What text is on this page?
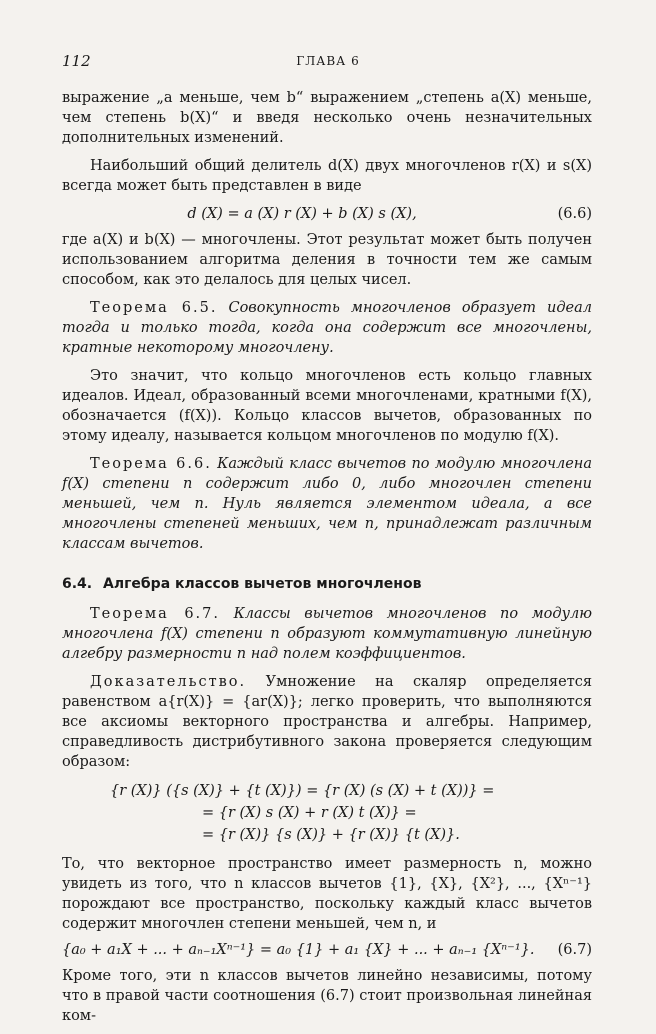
112	ГЛАВА 6

выражение „a меньше, чем b“ выражением „степень a(X) меньше, чем степень b(X)“ и введя несколько очень незначительных дополнительных изменений.

Наибольший общий делитель d(X) двух многочленов r(X) и s(X) всегда может быть представлен в виде

d (X) = a (X) r (X) + b (X) s (X),	(6.6)

где a(X) и b(X) — многочлены. Этот результат может быть получен использованием алгоритма деления в точности тем же самым способом, как это делалось для целых чисел.

Теорема 6.5. Совокупность многочленов образует идеал тогда и только тогда, когда она содержит все многочлены, кратные некоторому многочлену.

Это значит, что кольцо многочленов есть кольцо главных идеалов. Идеал, образованный всеми многочленами, кратными f(X), обозначается (f(X)). Кольцо классов вычетов, образованных по этому идеалу, называется кольцом многочленов по модулю f(X).

Теорема 6.6. Каждый класс вычетов по модулю многочлена f(X) степени n содержит либо 0, либо многочлен степени меньшей, чем n. Нуль является элементом идеала, а все многочлены степеней меньших, чем n, принадлежат различным классам вычетов.

6.4. Алгебра классов вычетов многочленов

Теорема 6.7. Классы вычетов многочленов по модулю многочлена f(X) степени n образуют коммутативную линейную алгебру размерности n над полем коэффициентов.

Доказательство. Умножение на скаляр определяется равенством a{r(X)} = {ar(X)}; легко проверить, что выполняются все аксиомы векторного пространства и алгебры. Например, справедливость дистрибутивного закона проверяется следующим образом:

{r (X)} ({s (X)} + {t (X)}) = {r (X) (s (X) + t (X))} =
= {r (X) s (X) + r (X) t (X)} =
= {r (X)} {s (X)} + {r (X)} {t (X)}.

То, что векторное пространство имеет размерность n, можно увидеть из того, что n классов вычетов {1}, {X}, {X²}, ..., {Xⁿ⁻¹} порождают все пространство, поскольку каждый класс вычетов содержит многочлен степени меньшей, чем n, и

{a₀ + a₁X + ... + aₙ₋₁Xⁿ⁻¹} = a₀ {1} + a₁ {X} + ... + aₙ₋₁ {Xⁿ⁻¹}.	(6.7)

Кроме того, эти n классов вычетов линейно независимы, потому что в правой части соотношения (6.7) стоит произвольная линейная ком-
